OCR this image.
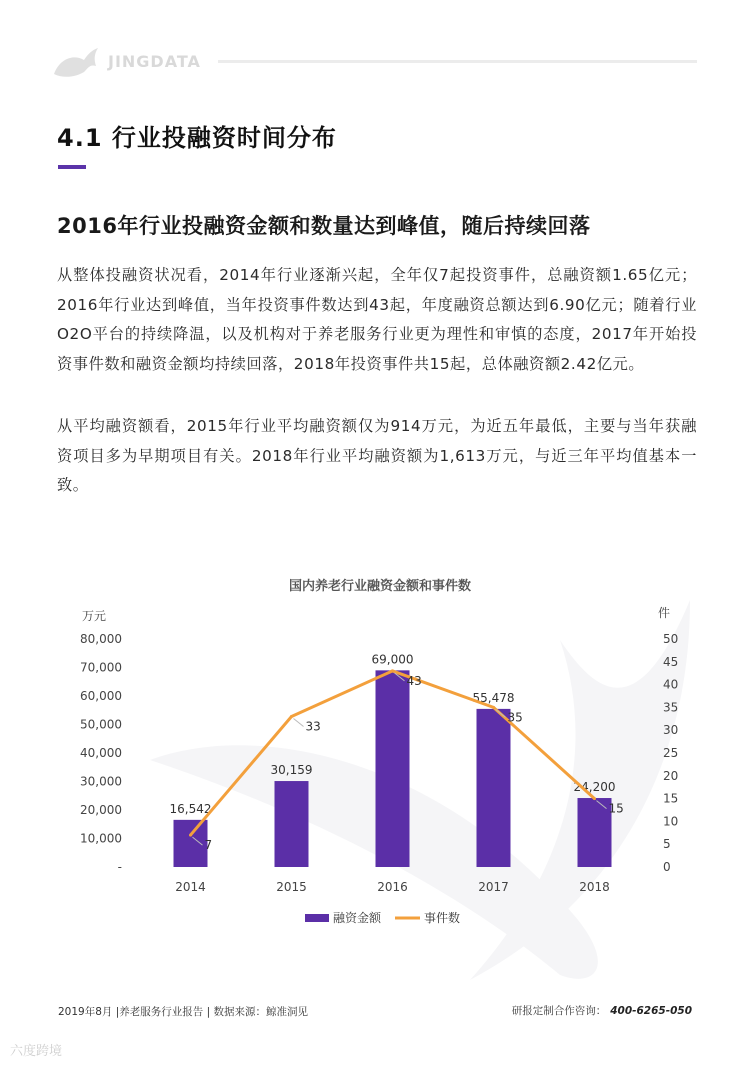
JINGDATA
4.1 行业投融资时间分布
2016年行业投融资金额和数量达到峰值，随后持续回落
从整体投融资状况看，2014年行业逐渐兴起，全年仅7起投资事件，总融资额1.65亿元；2016年行业达到峰值，当年投资事件数达到43起，年度融资总额达到6.90亿元；随着行业O2O平台的持续降温，以及机构对于养老服务行业更为理性和审慎的态度，2017年开始投资事件数和融资金额均持续回落，2018年投资事件共15起，总体融资额2.42亿元。
从平均融资额看，2015年行业平均融资额仅为914万元，为近五年最低，主要与当年获融资项目多为早期项目有关。2018年行业平均融资额为1,613万元，与近三年平均值基本一致。
国内养老行业融资金额和事件数
万元	件
-
10,000
20,000
30,000
40,000
50,000
60,000
70,000
80,000
0
5
10
15
20
25
30
35
40
45
50
16,542
30,159
69,000
55,478
24,200
2014	2015	2016	2017	2018
7
33
43
35
15
融资金额	事件数
2019年8月 |养老服务行业报告 | 数据来源：鲸准洞见	研报定制合作咨询： 400-6265-050
六度跨境
